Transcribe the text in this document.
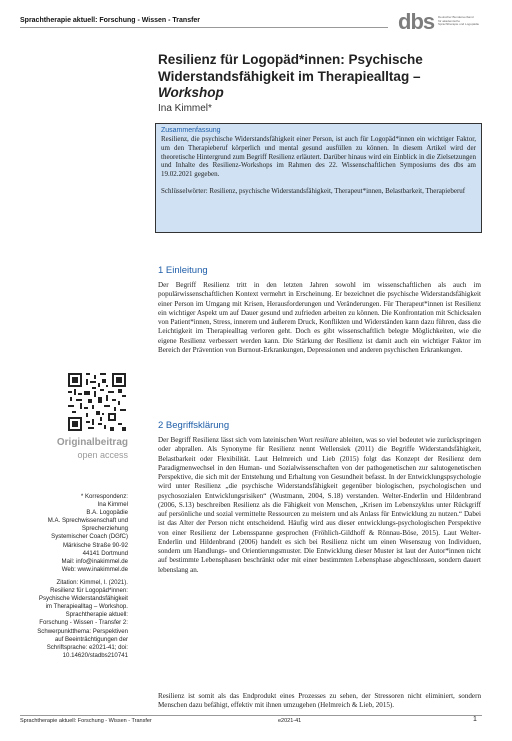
Sprachtherapie aktuell: Forschung - Wissen - Transfer	dbs Deutscher Bundesverband
für akademische
Sprachtherapie und Logopädie
Resilienz für Logopäd*innen: Psychische Widerstandsfähigkeit im Therapiealltag – Workshop
Ina Kimmel*
Zusammenfassung
Resilienz, die psychische Widerstandsfähigkeit einer Person, ist auch für Logopäd*innen ein wichtiger Faktor, um den Therapieberuf körperlich und mental gesund ausfüllen zu können. In diesem Artikel wird der theoretische Hintergrund zum Begriff Resilienz erläutert. Darüber hinaus wird ein Einblick in die Zielsetzungen und Inhalte des Resilienz-Workshops im Rahmen des 22. Wissenschaftlichen Symposiums des dbs am 19.02.2021 gegeben.
Schlüsselwörter: Resilienz, psychische Widerstandsfähigkeit, Therapeut*innen, Belastbarkeit, Therapieberuf
1 Einleitung
Der Begriff Resilienz tritt in den letzten Jahren sowohl im wissenschaftlichen als auch im populärwissenschaftlichen Kontext vermehrt in Erscheinung. Er bezeichnet die psychische Widerstandsfähigkeit einer Person im Umgang mit Krisen, Herausforderungen und Veränderungen. Für Therapeut*innen ist Resilienz ein wichtiger Aspekt um auf Dauer gesund und zufrieden arbeiten zu können. Die Konfrontation mit Schicksalen von Patient*innen, Stress, innerem und äußerem Druck, Konflikten und Widerständen kann dazu führen, dass die Leichtigkeit im Therapiealltag verloren geht. Doch es gibt wissenschaftlich belegte Möglichkeiten, wie die eigene Resilienz verbessert werden kann. Die Stärkung der Resilienz ist damit auch ein wichtiger Faktor im Bereich der Prävention von Burnout-Erkrankungen, Depressionen und anderen psychischen Erkrankungen.
2 Begriffsklärung
Der Begriff Resilienz lässt sich vom lateinischen Wort resiliare ableiten, was so viel bedeutet wie zurückspringen oder abprallen. Als Synonyme für Resilienz nennt Wellensiek (2011) die Begriffe Widerstandsfähigkeit, Belastbarkeit oder Flexibilität. Laut Helmreich und Lieb (2015) folgt das Konzept der Resilienz dem Paradigmenwechsel in den Human- und Sozialwissenschaften von der pathogenetischen zur salutogenetischen Perspektive, die sich mit der Entstehung und Erhaltung von Gesundheit befasst. In der Entwicklungspsychologie wird unter Resilienz „die psychische Widerstandsfähigkeit gegenüber biologischen, psychologischen und psychosozialen Entwicklungsrisiken“ (Wustmann, 2004, S.18) verstanden. Welter-Enderlin und Hildenbrand (2006, S.13) beschreiben Resilienz als die Fähigkeit von Menschen, „Krisen im Lebenszyklus unter Rückgriff auf persönliche und sozial vermittelte Ressourcen zu meistern und als Anlass für Entwicklung zu nutzen.“ Dabei ist das Alter der Person nicht entscheidend. Häufig wird aus dieser entwicklungs-psychologischen Perspektive von einer Resilienz der Lebensspanne gesprochen (Fröhlich-Gildhoff & Rönnau-Böse, 2015). Laut Welter-Enderlin und Hildenbrand (2006) handelt es sich bei Resilienz nicht um einen Wesenszug von Individuen, sondern um Handlungs- und Orientierungsmuster. Die Entwicklung dieser Muster ist laut der Autor*innen nicht auf bestimmte Lebensphasen beschränkt oder mit einer bestimmten Lebensphase abgeschlossen, sondern dauert lebenslang an.
Resilienz ist somit als das Endprodukt eines Prozesses zu sehen, der Stressoren nicht eliminiert, sondern Menschen dazu befähigt, effektiv mit ihnen umzugehen (Helmreich & Lieb, 2015).
Originalbeitrag
open access
* Korrespondenz:
Ina Kimmel
B.A. Logopädie
M.A. Sprechwissenschaft und
Sprecherziehung
Systemischer Coach (DGfC)
Märkische Straße 90-92
44141 Dortmund
Mail: info@inakimmel.de
Web: www.inakimmel.de
Zitation: Kimmel, I. (2021).
Resilienz für Logopäd*innen:
Psychische Widerstandsfähigkeit
im Therapiealltag – Workshop.
Sprachtherapie aktuell:
Forschung - Wissen - Transfer 2:
Schwerpunktthema: Perspektiven
auf Beeinträchtigungen der
Schriftsprache: e2021-41; doi:
10.14620/stadbs210741
Sprachtherapie aktuell: Forschung - Wissen - Transfer	e2021-41	1
